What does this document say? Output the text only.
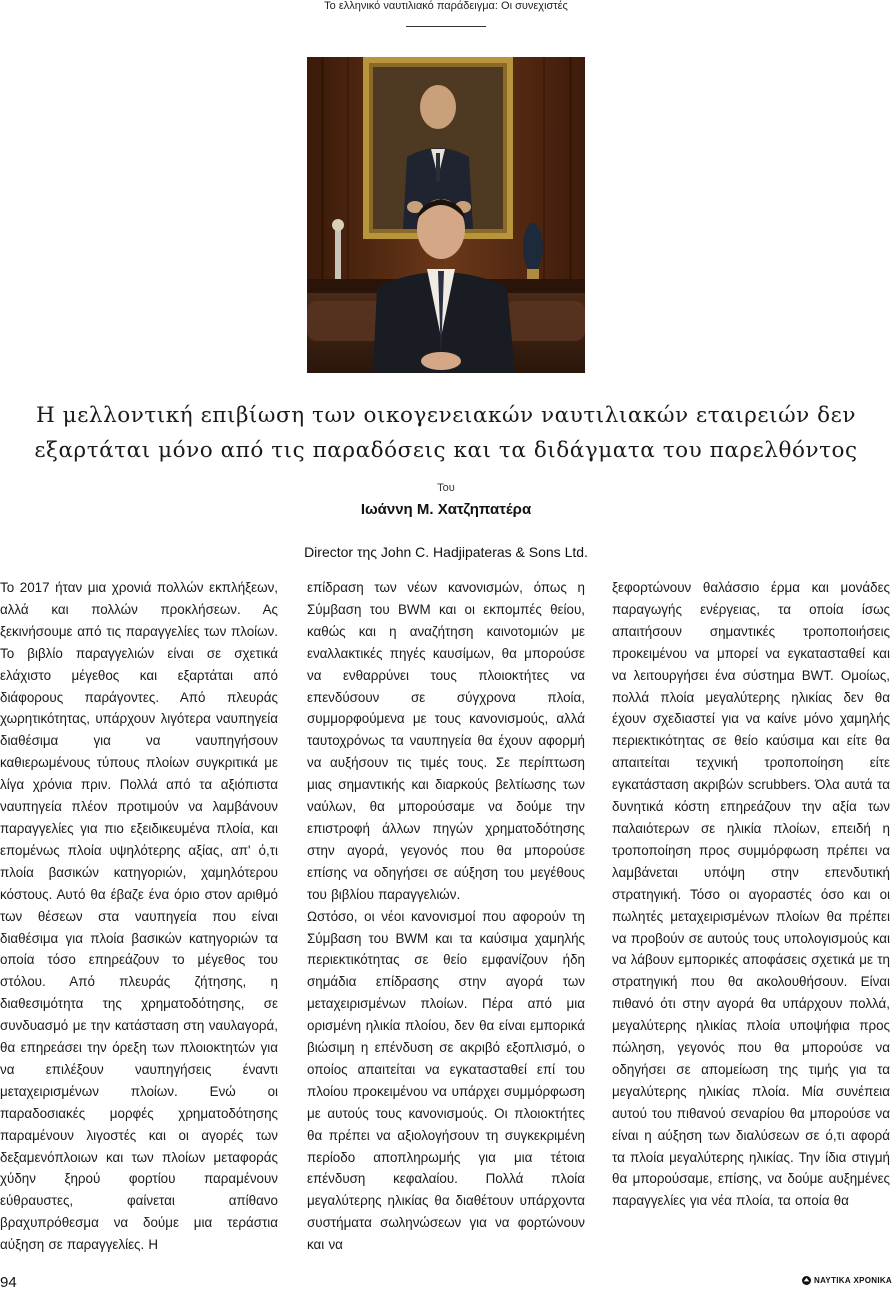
Το ελληνικό ναυτιλιακό παράδειγμα: Οι συνεχιστές
Η μελλοντική επιβίωση των οικογενειακών ναυτιλιακών εταιρειών δεν εξαρτάται μόνο από τις παραδόσεις και τα διδάγματα του παρελθόντος
Του
Ιωάννη Μ. Χατζηπατέρα
Director της John C. Hadjipateras & Sons Ltd.

Το 2017 ήταν μια χρονιά πολλών εκπλήξεων, αλλά και πολλών προκλήσεων. Ας ξεκινήσουμε από τις παραγγελίες των πλοίων. Το βιβλίο παραγγελιών είναι σε σχετικά ελάχιστο μέγεθος και εξαρτάται από διάφορους παράγοντες. Από πλευράς χωρητικότητας, υπάρχουν λιγότερα ναυπηγεία διαθέσιμα για να ναυπηγήσουν καθιερωμένους τύπους πλοίων συγκριτικά με λίγα χρόνια πριν. Πολλά από τα αξιόπιστα ναυπηγεία πλέον προτιμούν να λαμβάνουν παραγγελίες για πιο εξειδικευμένα πλοία, και επομένως πλοία υψηλότερης αξίας, απ' ό,τι πλοία βασικών κατηγοριών, χαμηλότερου κόστους. Αυτό θα έβαζε ένα όριο στον αριθμό των θέσεων στα ναυπηγεία που είναι διαθέσιμα για πλοία βασικών κατηγοριών τα οποία τόσο επηρεάζουν το μέγεθος του στόλου. Από πλευράς ζήτησης, η διαθεσιμότητα της χρηματοδότησης, σε συνδυασμό με την κατάσταση στη ναυλαγορά, θα επηρεάσει την όρεξη των πλοιοκτητών για να επιλέξουν ναυπηγήσεις έναντι μεταχειρισμένων πλοίων. Ενώ οι παραδοσιακές μορφές χρηματοδότησης παραμένουν λιγοστές και οι αγορές των δεξαμενόπλοιων και των πλοίων μεταφοράς χύδην ξηρού φορτίου παραμένουν εύθραυστες, φαίνεται απίθανο βραχυπρόθεσμα να δούμε μια τεράστια αύξηση σε παραγγελίες. Η

επίδραση των νέων κανονισμών, όπως η Σύμβαση του BWM και οι εκπομπές θείου, καθώς και η αναζήτηση καινοτομιών με εναλλακτικές πηγές καυσίμων, θα μπορούσε να ενθαρρύνει τους πλοιοκτήτες να επενδύσουν σε σύγχρονα πλοία, συμμορφούμενα με τους κανονισμούς, αλλά ταυτοχρόνως τα ναυπηγεία θα έχουν αφορμή να αυξήσουν τις τιμές τους. Σε περίπτωση μιας σημαντικής και διαρκούς βελτίωσης των ναύλων, θα μπορούσαμε να δούμε την επιστροφή άλλων πηγών χρηματοδότησης στην αγορά, γεγονός που θα μπορούσε επίσης να οδηγήσει σε αύξηση του μεγέθους του βιβλίου παραγγελιών.

Ωστόσο, οι νέοι κανονισμοί που αφορούν τη Σύμβαση του BWM και τα καύσιμα χαμηλής περιεκτικότητας σε θείο εμφανίζουν ήδη σημάδια επίδρασης στην αγορά των μεταχειρισμένων πλοίων. Πέρα από μια ορισμένη ηλικία πλοίου, δεν θα είναι εμπορικά βιώσιμη η επένδυση σε ακριβό εξοπλισμό, ο οποίος απαιτείται να εγκατασταθεί επί του πλοίου προκειμένου να υπάρχει συμμόρφωση με αυτούς τους κανονισμούς. Οι πλοιοκτήτες θα πρέπει να αξιολογήσουν τη συγκεκριμένη περίοδο αποπληρωμής για μια τέτοια επένδυση κεφαλαίου. Πολλά πλοία μεγαλύτερης ηλικίας θα διαθέτουν υπάρχοντα συστήματα σωληνώσεων για να φορτώνουν και να

ξεφορτώνουν θαλάσσιο έρμα και μονάδες παραγωγής ενέργειας, τα οποία ίσως απαιτήσουν σημαντικές τροποποιήσεις προκειμένου να μπορεί να εγκατασταθεί και να λειτουργήσει ένα σύστημα BWT. Ομοίως, πολλά πλοία μεγαλύτερης ηλικίας δεν θα έχουν σχεδιαστεί για να καίνε μόνο χαμηλής περιεκτικότητας σε θείο καύσιμα και είτε θα απαιτείται τεχνική τροποποίηση είτε εγκατάσταση ακριβών scrubbers. Όλα αυτά τα δυνητικά κόστη επηρεάζουν την αξία των παλαιότερων σε ηλικία πλοίων, επειδή η τροποποίηση προς συμμόρφωση πρέπει να λαμβάνεται υπόψη στην επενδυτική στρατηγική. Τόσο οι αγοραστές όσο και οι πωλητές μεταχειρισμένων πλοίων θα πρέπει να προβούν σε αυτούς τους υπολογισμούς και να λάβουν εμπορικές αποφάσεις σχετικά με τη στρατηγική που θα ακολουθήσουν. Είναι πιθανό ότι στην αγορά θα υπάρχουν πολλά, μεγαλύτερης ηλικίας πλοία υποψήφια προς πώληση, γεγονός που θα μπορούσε να οδηγήσει σε απομείωση της τιμής για τα μεγαλύτερης ηλικίας πλοία. Μία συνέπεια αυτού του πιθανού σεναρίου θα μπορούσε να είναι η αύξηση των διαλύσεων σε ό,τι αφορά τα πλοία μεγαλύτερης ηλικίας. Την ίδια στιγμή θα μπορούσαμε, επίσης, να δούμε αυξημένες παραγγελίες για νέα πλοία, τα οποία θα

94	ΝΑΥΤΙΚΑ ΧΡΟΝΙΚΑ
